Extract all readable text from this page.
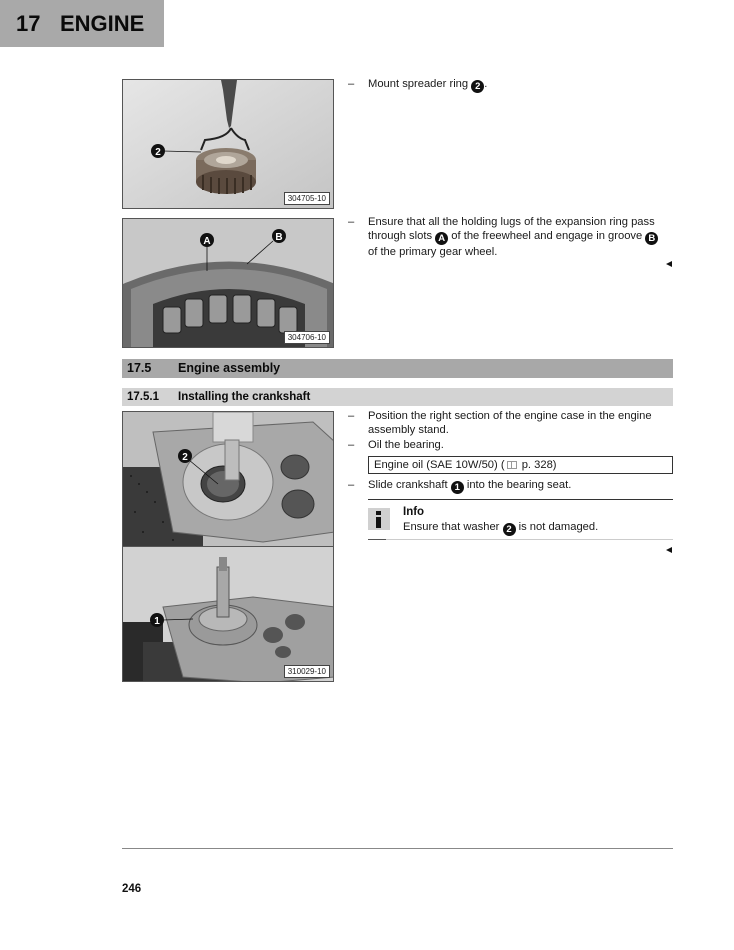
17 ENGINE
2
304705-10
A	B
304706-10
– Mount spreader ring 2 .
– Ensure that all the holding lugs of the expansion ring pass
through slots A of the freewheel and engage in groove B
of the primary gear wheel.
17.5 Engine assembly
17.5.1 Installing the crankshaft
2
1
310029-10
– Position the right section of the engine case in the engine assembly stand.
– Oil the bearing.
Engine oil (SAE 10W/50) ( p. 328)
– Slide crankshaft 1 into the bearing seat.
Info
Ensure that washer 2 is not damaged.
246
